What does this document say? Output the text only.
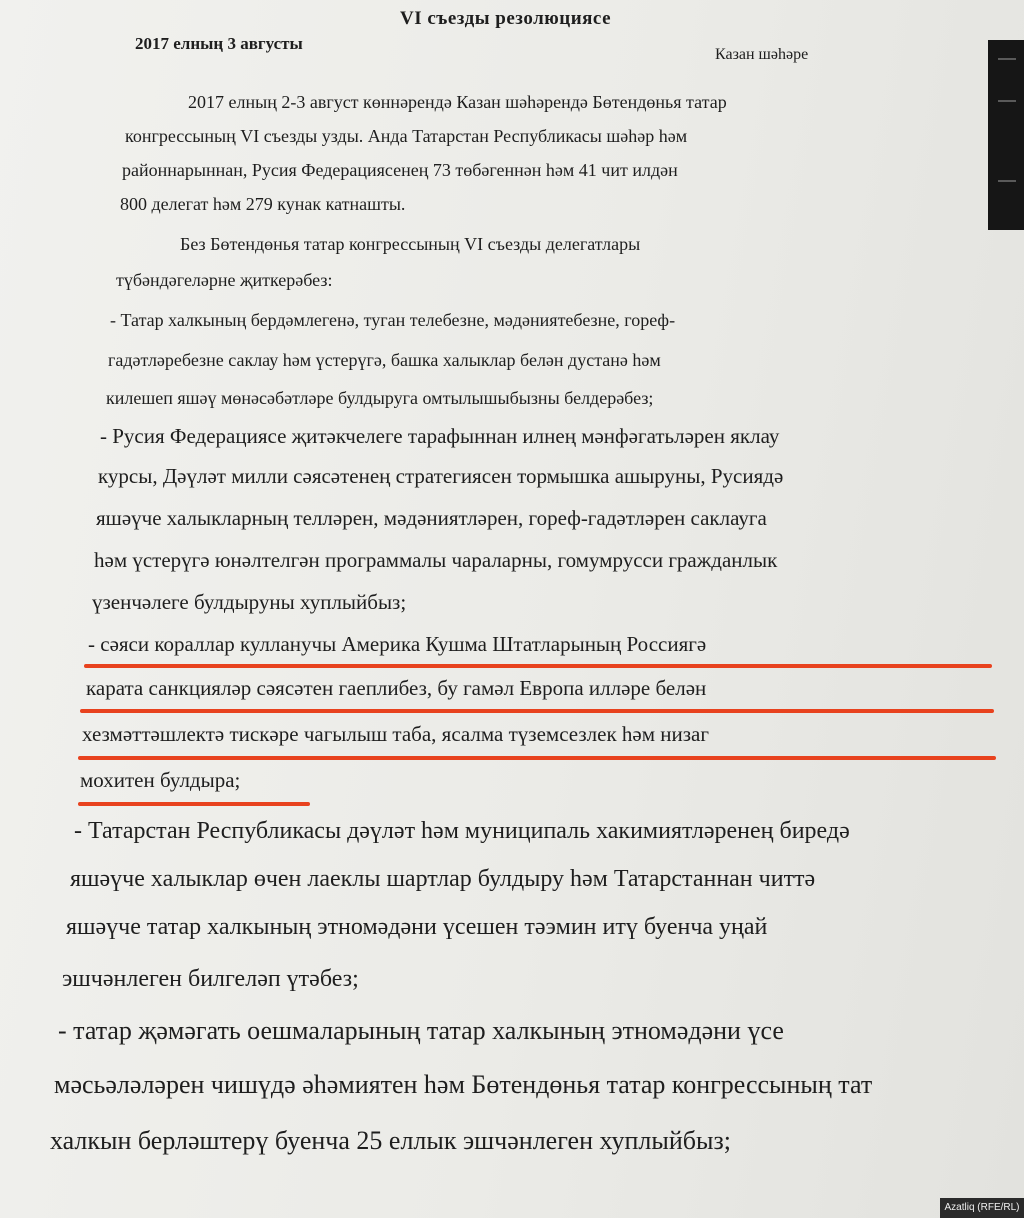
VI съезды резолюциясе
2017 елның 3 августы
Казан шәһәре

2017 елның 2-3 август көннәрендә Казан шәһәрендә Бөтендөнья татар

конгрессының VI съезды узды. Анда Татарстан Республикасы шәһәр һәм

районнарыннан, Русия Федерациясенең 73 төбәгеннән һәм 41 чит илдән

800 делегат һәм 279 кунак катнашты.

Без Бөтендөнья татар конгрессының VI съезды делегатлары

түбәндәгеләрне җиткерәбез:

- Татар халкының бердәмлегенә, туган телебезне, мәдәниятебезне, гореф-

гадәтләребезне саклау һәм үстерүгә, башка халыклар белән дустанә һәм

килешеп яшәү мөнәсәбәтләре булдыруга омтылышыбызны белдерәбез;

- Русия Федерациясе җитәкчелеге тарафыннан илнең мәнфәгатьләрен яклау

курсы, Дәүләт милли сәясәтенең стратегиясен тормышка ашыруны, Русиядә

яшәүче халыкларның телләрен, мәдәниятләрен, гореф-гадәтләрен саклауга

һәм үстерүгә юнәлтелгән программалы чараларны, гомумрусси гражданлык

үзенчәлеге булдыруны хуплыйбыз;

- сәяси кораллар кулланучы Америка Кушма Штатларының Россиягә

карата санкцияләр сәясәтен гаеплибез, бу гамәл Европа илләре белән

хезмәттәшлектә тискәре чагылыш таба, ясалма түземсезлек һәм низаг

мохитен булдыра;

- Татарстан Республикасы дәүләт һәм муниципаль хакимиятләренең биредә

яшәүче халыклар өчен лаеклы шартлар булдыру һәм Татарстаннан читтә

яшәүче татар халкының этномәдәни үсешен тәэмин итү буенча уңай

эшчәнлеген билгеләп үтәбез;

- татар җәмәгать оешмаларының татар халкының этномәдәни үсе

мәсьәләләрен чишүдә әһәмиятен һәм Бөтендөнья татар конгрессының тат

халкын берләштерү буенча 25 еллык эшчәнлеген хуплыйбыз;

Azatliq (RFE/RL)
